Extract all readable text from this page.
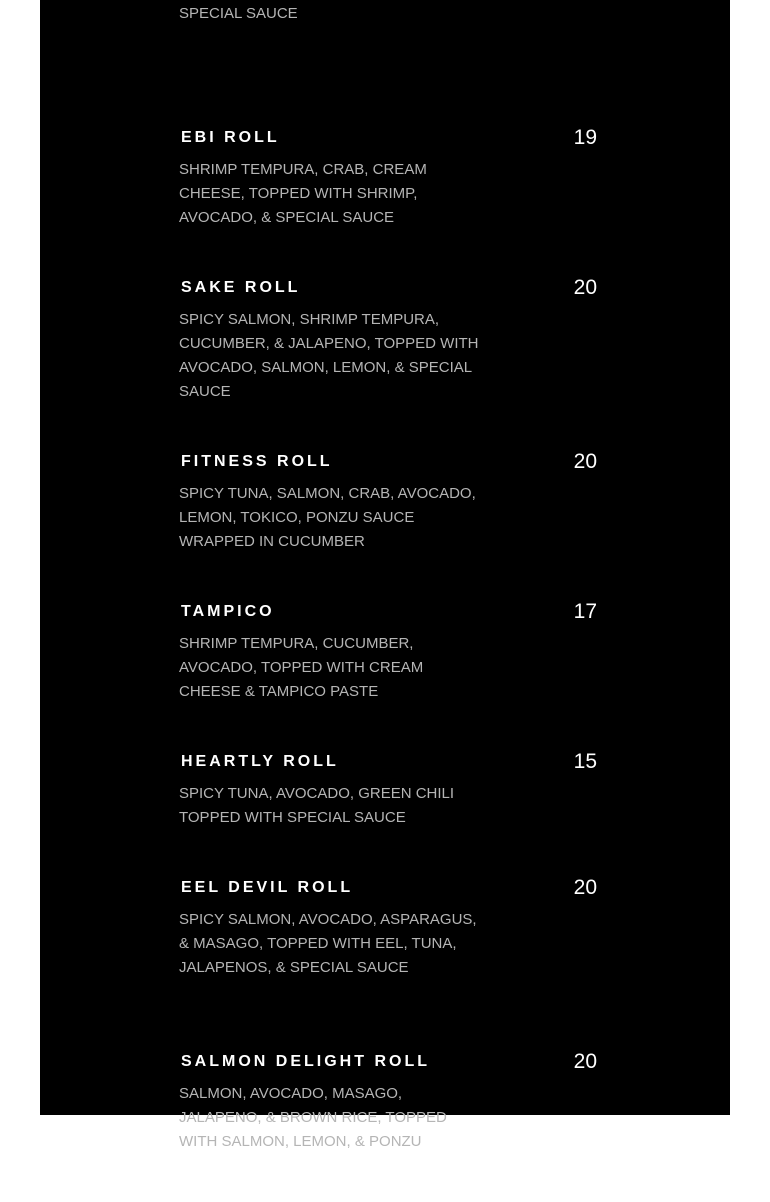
SPECIAL SAUCE
19
EBI ROLL
SHRIMP TEMPURA, CRAB, CREAM CHEESE, TOPPED WITH SHRIMP, AVOCADO, & SPECIAL SAUCE
20
SAKE ROLL
SPICY SALMON, SHRIMP TEMPURA, CUCUMBER, & JALAPENO, TOPPED WITH AVOCADO, SALMON, LEMON, & SPECIAL SAUCE
20
FITNESS ROLL
SPICY TUNA, SALMON, CRAB, AVOCADO, LEMON, TOKICO, PONZU SAUCE WRAPPED IN CUCUMBER
17
TAMPICO
SHRIMP TEMPURA, CUCUMBER, AVOCADO, TOPPED WITH CREAM CHEESE & TAMPICO PASTE
15
HEARTLY ROLL
SPICY TUNA, AVOCADO, GREEN CHILI TOPPED WITH SPECIAL SAUCE
20
EEL DEVIL ROLL
SPICY SALMON, AVOCADO, ASPARAGUS, & MASAGO, TOPPED WITH EEL, TUNA, JALAPENOS, & SPECIAL SAUCE
20
SALMON DELIGHT ROLL
SALMON, AVOCADO, MASAGO, JALAPENO, & BROWN RICE, TOPPED WITH SALMON, LEMON, & PONZU
